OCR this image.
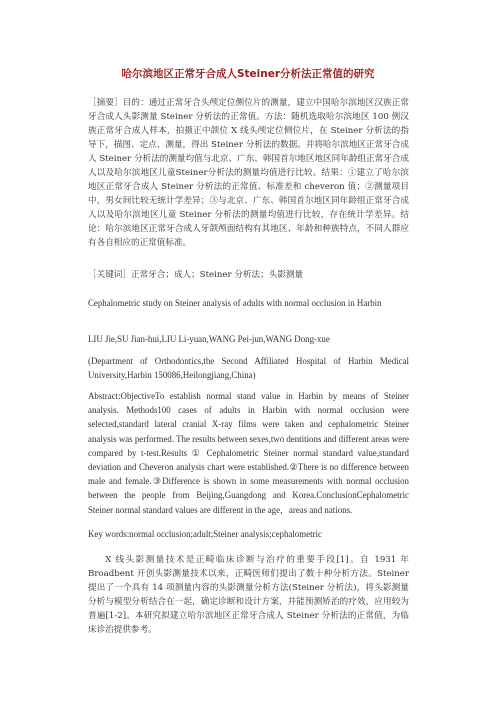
哈尔滨地区正常牙合成人Steiner分析法正常值的研究
［摘要］目的：通过正常牙合头颅定位侧位片的测量，建立中国哈尔滨地区汉族正常牙合成人头影测量 Steiner 分析法的正常值。方法：随机选取哈尔滨地区 100 例汉族正常牙合成人样本，拍摄正中颌位 X 线头颅定位侧位片，在 Steiner 分析法的指导下，描图、定点、测量，得出 Steiner 分析法的数据。并将哈尔滨地区正常牙合成人 Steiner 分析法的测量均值与北京、广东、韩国首尔地区地区同年龄组正常牙合成人以及哈尔滨地区儿童Steiner分析法的测量均值进行比较。结果：①建立了哈尔滨地区正常牙合成人 Steiner 分析法的正常值、标准差和 cheveron 值；②测量项目中，男女间比较无统计学差异；③与北京、广东、韩国首尔地区同年龄组正常牙合成人以及哈尔滨地区儿童 Steiner 分析法的测量均值进行比较，存在统计学差异。结论：哈尔滨地区正常牙合成人牙颌颅面结构有其地区、年龄和种族特点，不同人群应有各自相应的正常值标准。
［关键词］正常牙合；成人；Steiner 分析法；头影测量
Cephalometric study on Steiner analysis of adults with normal occlusion in Harbin
LIU Jie,SU Jian-hui,LIU Li-yuan,WANG Pei-jun,WANG Dong-xue
(Department of Orthodontics,the Second Affiliated Hospital of Harbin Medical University,Harbin 150086,Heilongjiang,China)
Abstract:ObjectiveTo establish normal stand value in Harbin by means of Steiner analysis. Methods100 cases of adults in Harbin with normal occlusion were selected,standard lateral cranial X-ray films were taken and cephalometric Steiner analysis was performed. The results between sexes,two dentitions and different areas were compared by t-test.Results ① Cephalometric Steiner normal standard value,standard deviation and Cheveron analysis chart were established.②There is no difference between male and female.③Difference is shown in some measurements with normal occlusion between the people from Beijing,Guangdong and Korea.ConclusionCephalometric Steiner normal standard values are different in the age，areas and nations.
Key words:normal occlusion;adult;Steiner analysis;cephalometric
X 线头影测量技术是正畸临床诊断与治疗的重要手段[1]。自 1931 年 Broadbent 开创头影测量技术以来，正畸医师们提出了数十种分析方法。Steiner 提出了一个具有 14 项测量内容的头影测量分析方法(Steiner 分析法)，将头影测量分析与模型分析结合在一起，确定诊断和设计方案，并能预测矫治的疗效，应用较为普遍[1-2]。本研究拟建立哈尔滨地区正常牙合成人 Steiner 分析法的正常值，为临床诊治提供参考。
